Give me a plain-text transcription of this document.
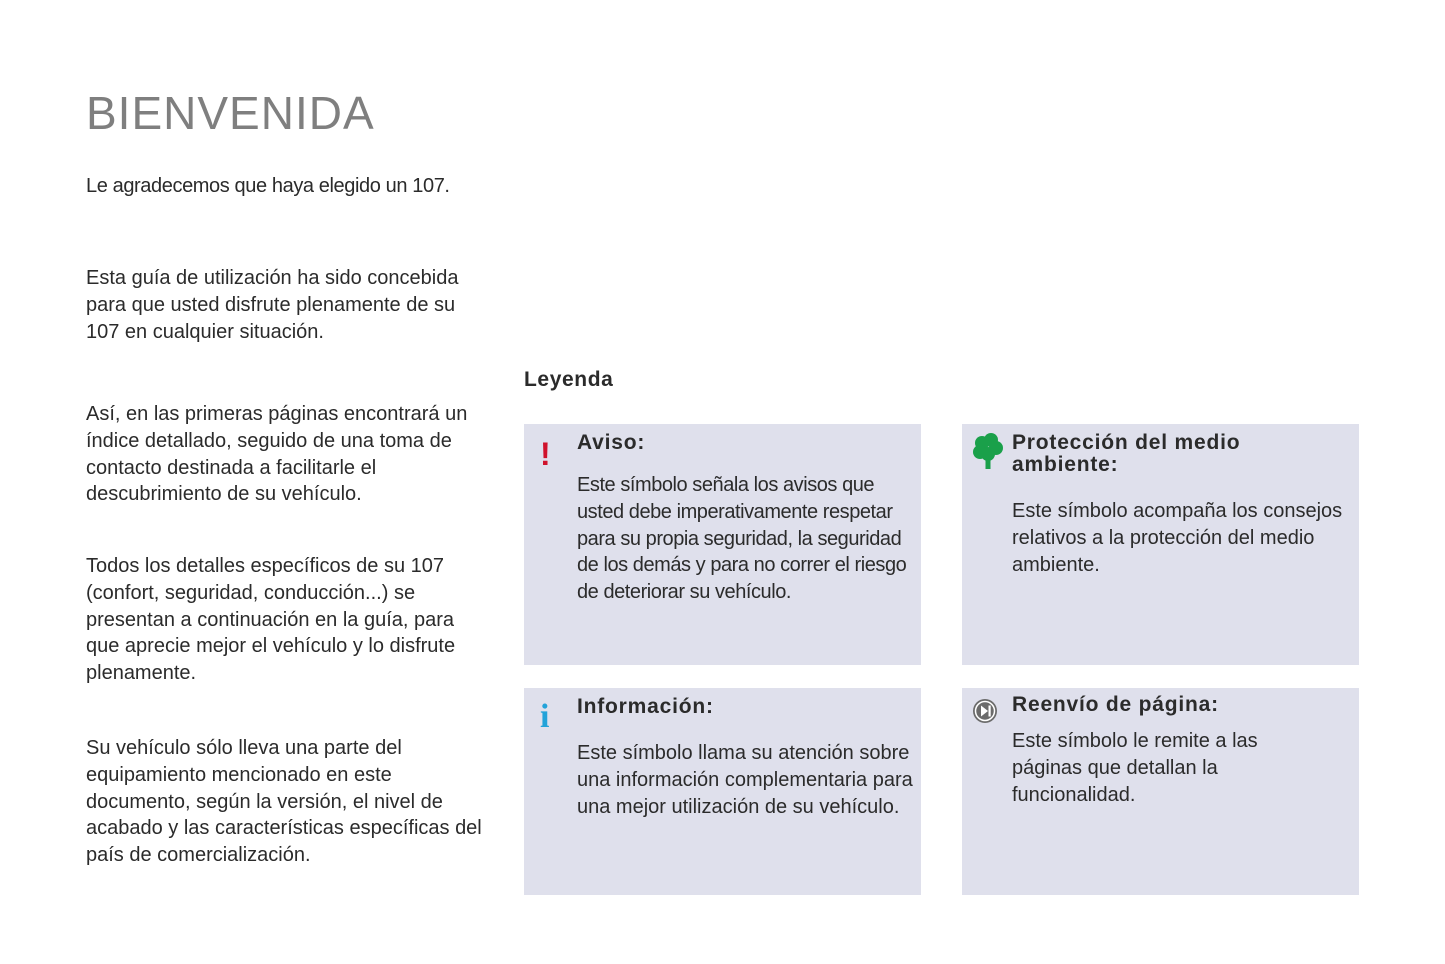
BIENVENIDA

Le agradecemos que haya elegido un 107.

Esta guía de utilización ha sido concebida para que usted disfrute plenamente de su 107 en cualquier situación.

Así, en las primeras páginas encontrará un índice detallado, seguido de una toma de contacto destinada a facilitarle el descubrimiento de su vehículo.

Todos los detalles específicos de su 107 (confort, seguridad, conducción...) se presentan a continuación en la guía, para que aprecie mejor el vehículo y lo disfrute plenamente.

Su vehículo sólo lleva una parte del equipamiento mencionado en este documento, según la versión, el nivel de acabado y las características específicas del país de comercialización.

Leyenda
! Aviso:

Este símbolo señala los avisos que usted debe imperativamente respetar para su propia seguridad, la seguridad de los demás y para no correr el riesgo de deteriorar su vehículo.

Protección del medio ambiente:

Este símbolo acompaña los consejos relativos a la protección del medio ambiente.

i Información:

Este símbolo llama su atención sobre una información complementaria para una mejor utilización de su vehículo.

Reenvío de página:

Este símbolo le remite a las páginas que detallan la funcionalidad.
